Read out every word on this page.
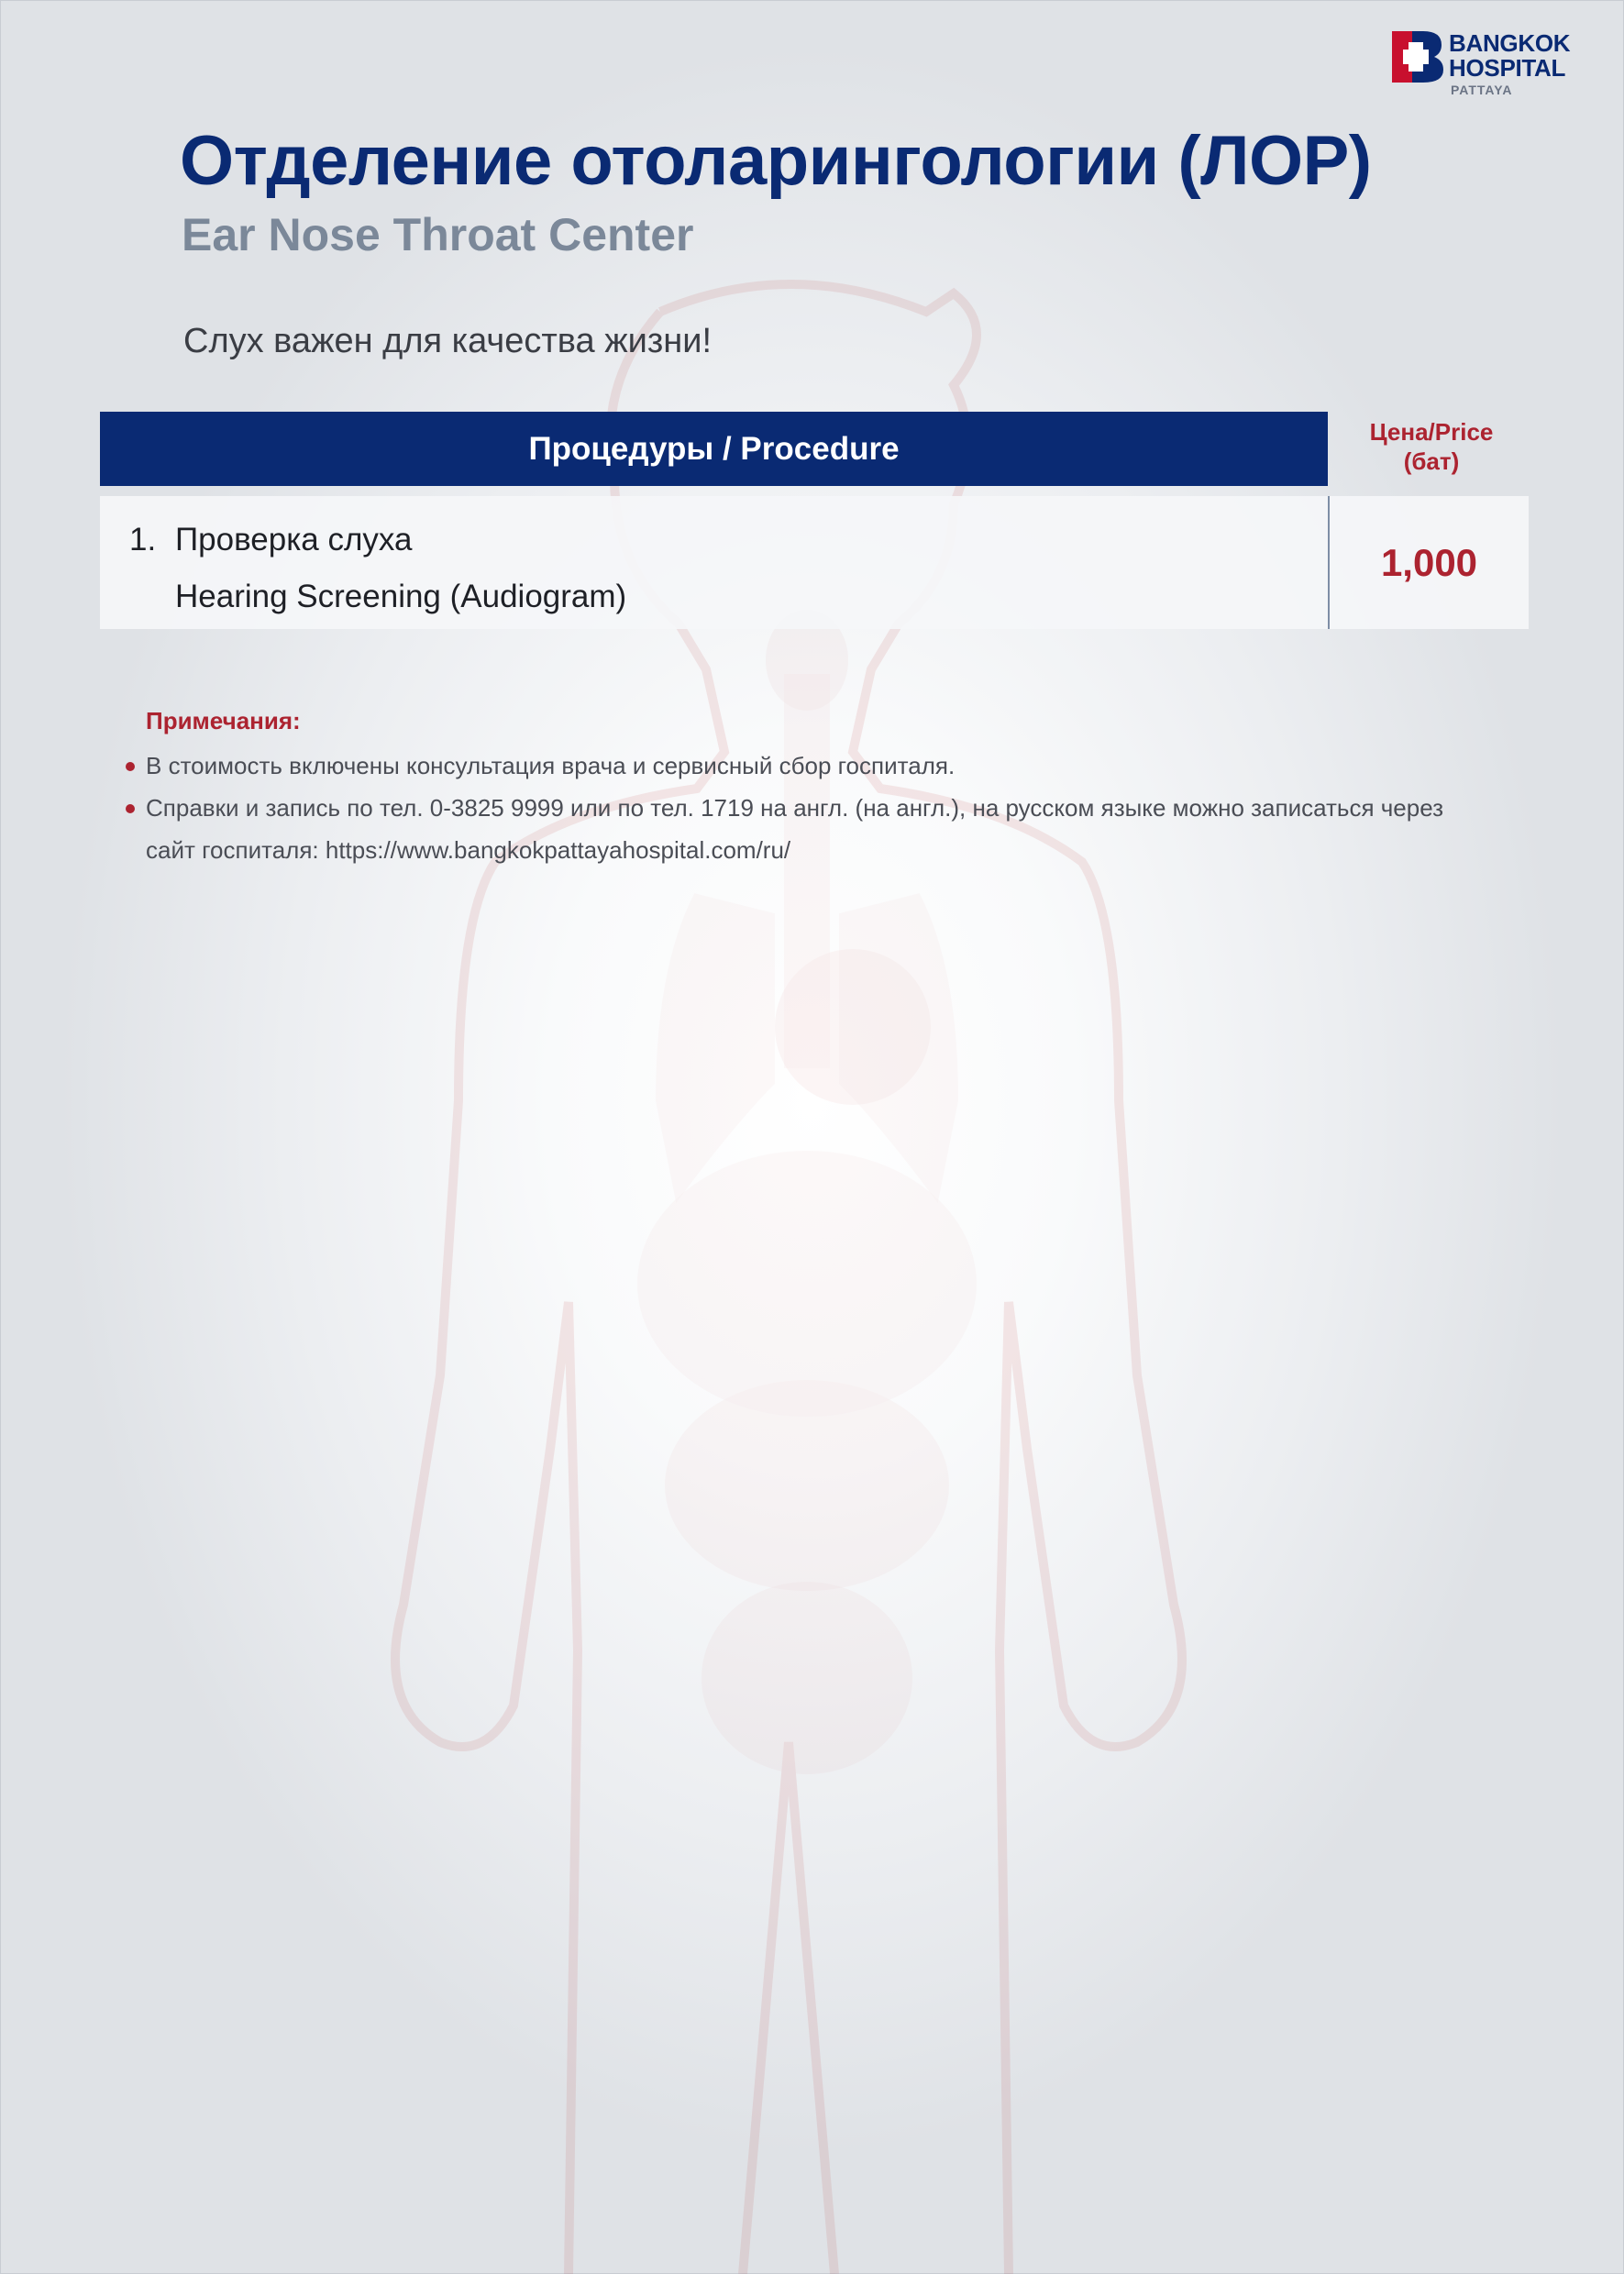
BANGKOK
HOSPITAL
PATTAYA
Отделение отоларингологии (ЛОР)
Ear Nose Throat Center

Слух важен для качества жизни!

Процедуры / Procedure	Цена/Price
(бат)
1. Проверка слуха
Hearing Screening (Audiogram)
1,000

Примечания:

В стоимость включены консультация врача и сервисный сбор госпиталя.
Справки и запись по тел. 0-3825 9999 или по тел. 1719 на англ. (на англ.), на русском языке можно записаться через сайт госпиталя: https://www.bangkokpattayahospital.com/ru/
